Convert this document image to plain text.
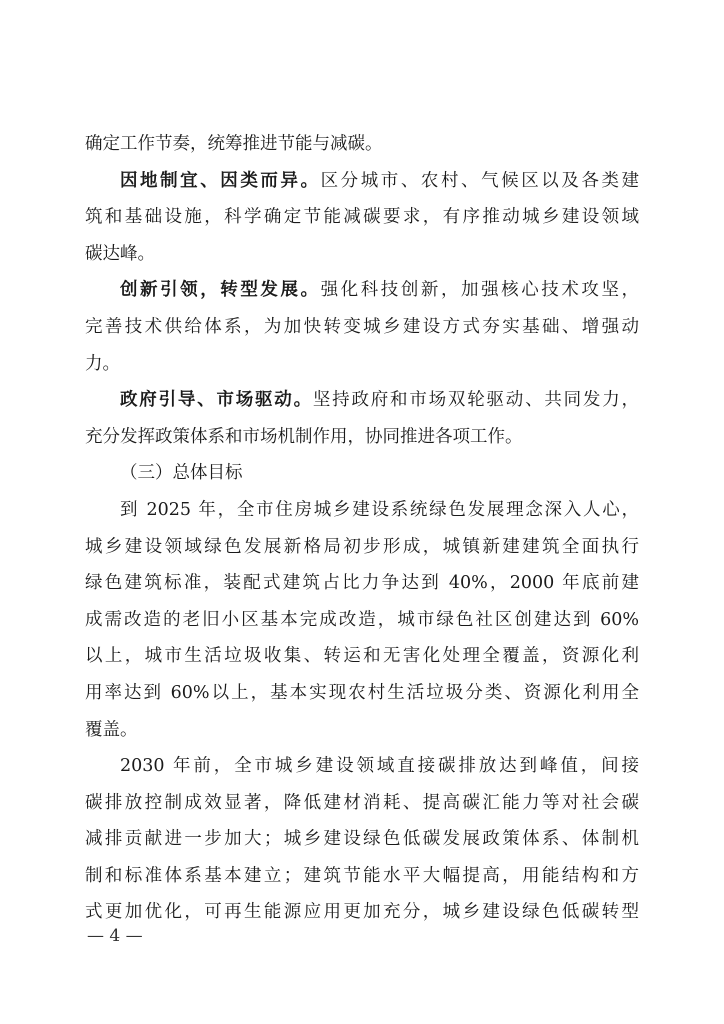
确定工作节奏，统筹推进节能与减碳。
因地制宜、因类而异。区分城市、农村、气候区以及各类建
筑和基础设施，科学确定节能减碳要求，有序推动城乡建设领域
碳达峰。
创新引领，转型发展。强化科技创新，加强核心技术攻坚，
完善技术供给体系，为加快转变城乡建设方式夯实基础、增强动
力。
政府引导、市场驱动。坚持政府和市场双轮驱动、共同发力，
充分发挥政策体系和市场机制作用，协同推进各项工作。
（三）总体目标
到 2025 年，全市住房城乡建设系统绿色发展理念深入人心，
城乡建设领域绿色发展新格局初步形成，城镇新建建筑全面执行
绿色建筑标准，装配式建筑占比力争达到 40%，2000 年底前建
成需改造的老旧小区基本完成改造，城市绿色社区创建达到 60%
以上，城市生活垃圾收集、转运和无害化处理全覆盖，资源化利
用率达到 60%以上，基本实现农村生活垃圾分类、资源化利用全
覆盖。
2030 年前，全市城乡建设领域直接碳排放达到峰值，间接
碳排放控制成效显著，降低建材消耗、提高碳汇能力等对社会碳
减排贡献进一步加大；城乡建设绿色低碳发展政策体系、体制机
制和标准体系基本建立；建筑节能水平大幅提高，用能结构和方
式更加优化，可再生能源应用更加充分，城乡建设绿色低碳转型
— 4 —
